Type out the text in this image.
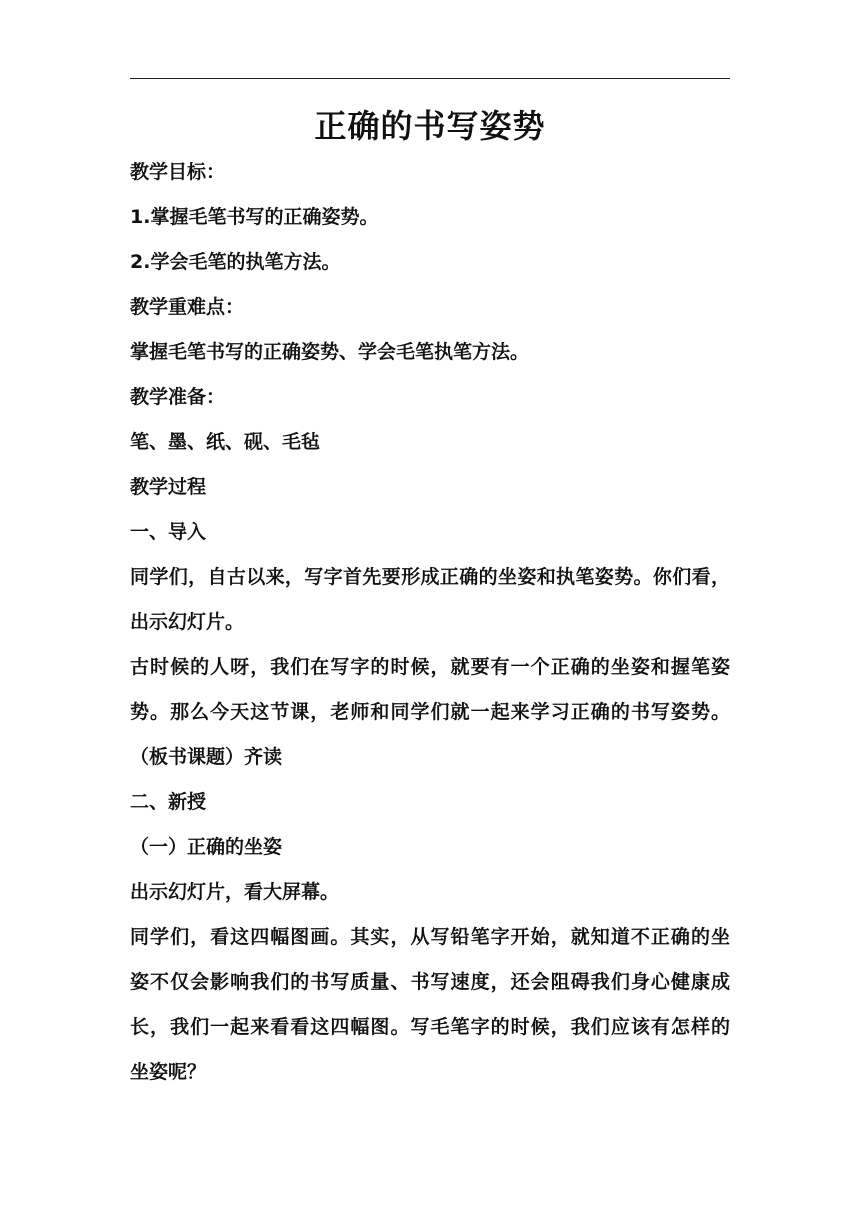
正确的书写姿势

教学目标：

1.掌握毛笔书写的正确姿势。

2.学会毛笔的执笔方法。

教学重难点：

掌握毛笔书写的正确姿势、学会毛笔执笔方法。

教学准备：

笔、墨、纸、砚、毛毡

教学过程

一、导入

同学们，自古以来，写字首先要形成正确的坐姿和执笔姿势。你们看，

出示幻灯片。

古时候的人呀，我们在写字的时候，就要有一个正确的坐姿和握笔姿

势。那么今天这节课，老师和同学们就一起来学习正确的书写姿势。

（板书课题）齐读

二、新授

（一）正确的坐姿

出示幻灯片，看大屏幕。

同学们，看这四幅图画。其实，从写铅笔字开始，就知道不正确的坐

姿不仅会影响我们的书写质量、书写速度，还会阻碍我们身心健康成

长，我们一起来看看这四幅图。写毛笔字的时候，我们应该有怎样的

坐姿呢？
